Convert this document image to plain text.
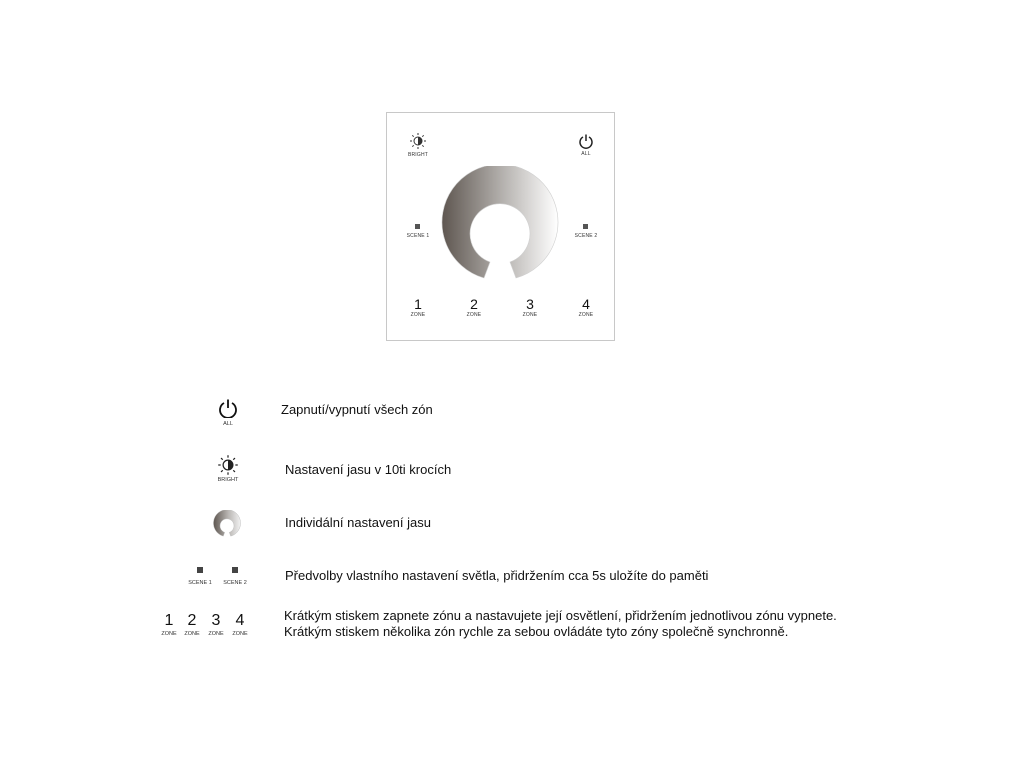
BRIGHT	ALL
SCENE 1	SCENE 2
1
ZONE
2
ZONE
3
ZONE
4
ZONE
ALL
Zapnutí/vypnutí všech zón
BRIGHT
Nastavení jasu v 10ti krocích
Individální nastavení jasu
SCENE 1	SCENE 2	Předvolby vlastního nastavení světla, přidržením cca 5s uložíte do paměti
1
ZONE
2
ZONE
3
ZONE
4
ZONE
Krátkým stiskem zapnete zónu a nastavujete její osvětlení, přidržením jednotlivou zónu vypnete.
Krátkým stiskem několika zón rychle za sebou ovládáte tyto zóny společně synchronně.
